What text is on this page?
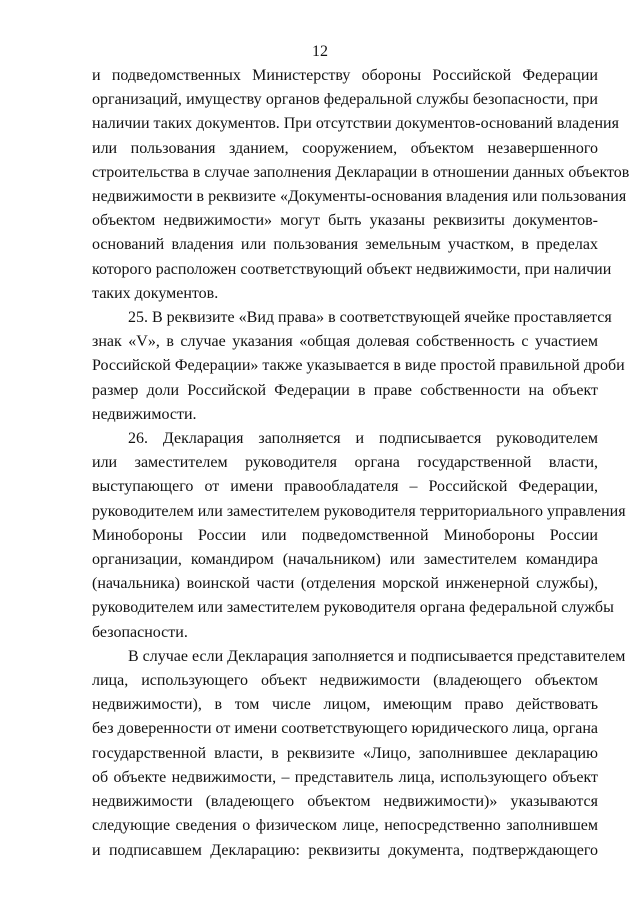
12
и подведомственных Министерству обороны Российской Федерации
организаций, имуществу органов федеральной службы безопасности, при
наличии таких документов. При отсутствии документов-оснований владения
или пользования зданием, сооружением, объектом незавершенного
строительства в случае заполнения Декларации в отношении данных объектов
недвижимости в реквизите «Документы-основания владения или пользования
объектом недвижимости» могут быть указаны реквизиты документов-
оснований владения или пользования земельным участком, в пределах
которого расположен соответствующий объект недвижимости, при наличии
таких документов.
25. В реквизите «Вид права» в соответствующей ячейке проставляется
знак «V», в случае указания «общая долевая собственность с участием
Российской Федерации» также указывается в виде простой правильной дроби
размер доли Российской Федерации в праве собственности на объект
недвижимости.
26. Декларация заполняется и подписывается руководителем
или заместителем руководителя органа государственной власти,
выступающего от имени правообладателя – Российской Федерации,
руководителем или заместителем руководителя территориального управления
Минобороны России или подведомственной Минобороны России
организации, командиром (начальником) или заместителем командира
(начальника) воинской части (отделения морской инженерной службы),
руководителем или заместителем руководителя органа федеральной службы
безопасности.
В случае если Декларация заполняется и подписывается представителем
лица, использующего объект недвижимости (владеющего объектом
недвижимости), в том числе лицом, имеющим право действовать
без доверенности от имени соответствующего юридического лица, органа
государственной власти, в реквизите «Лицо, заполнившее декларацию
об объекте недвижимости, – представитель лица, использующего объект
недвижимости (владеющего объектом недвижимости)» указываются
следующие сведения о физическом лице, непосредственно заполнившем
и подписавшем Декларацию: реквизиты документа, подтверждающего
